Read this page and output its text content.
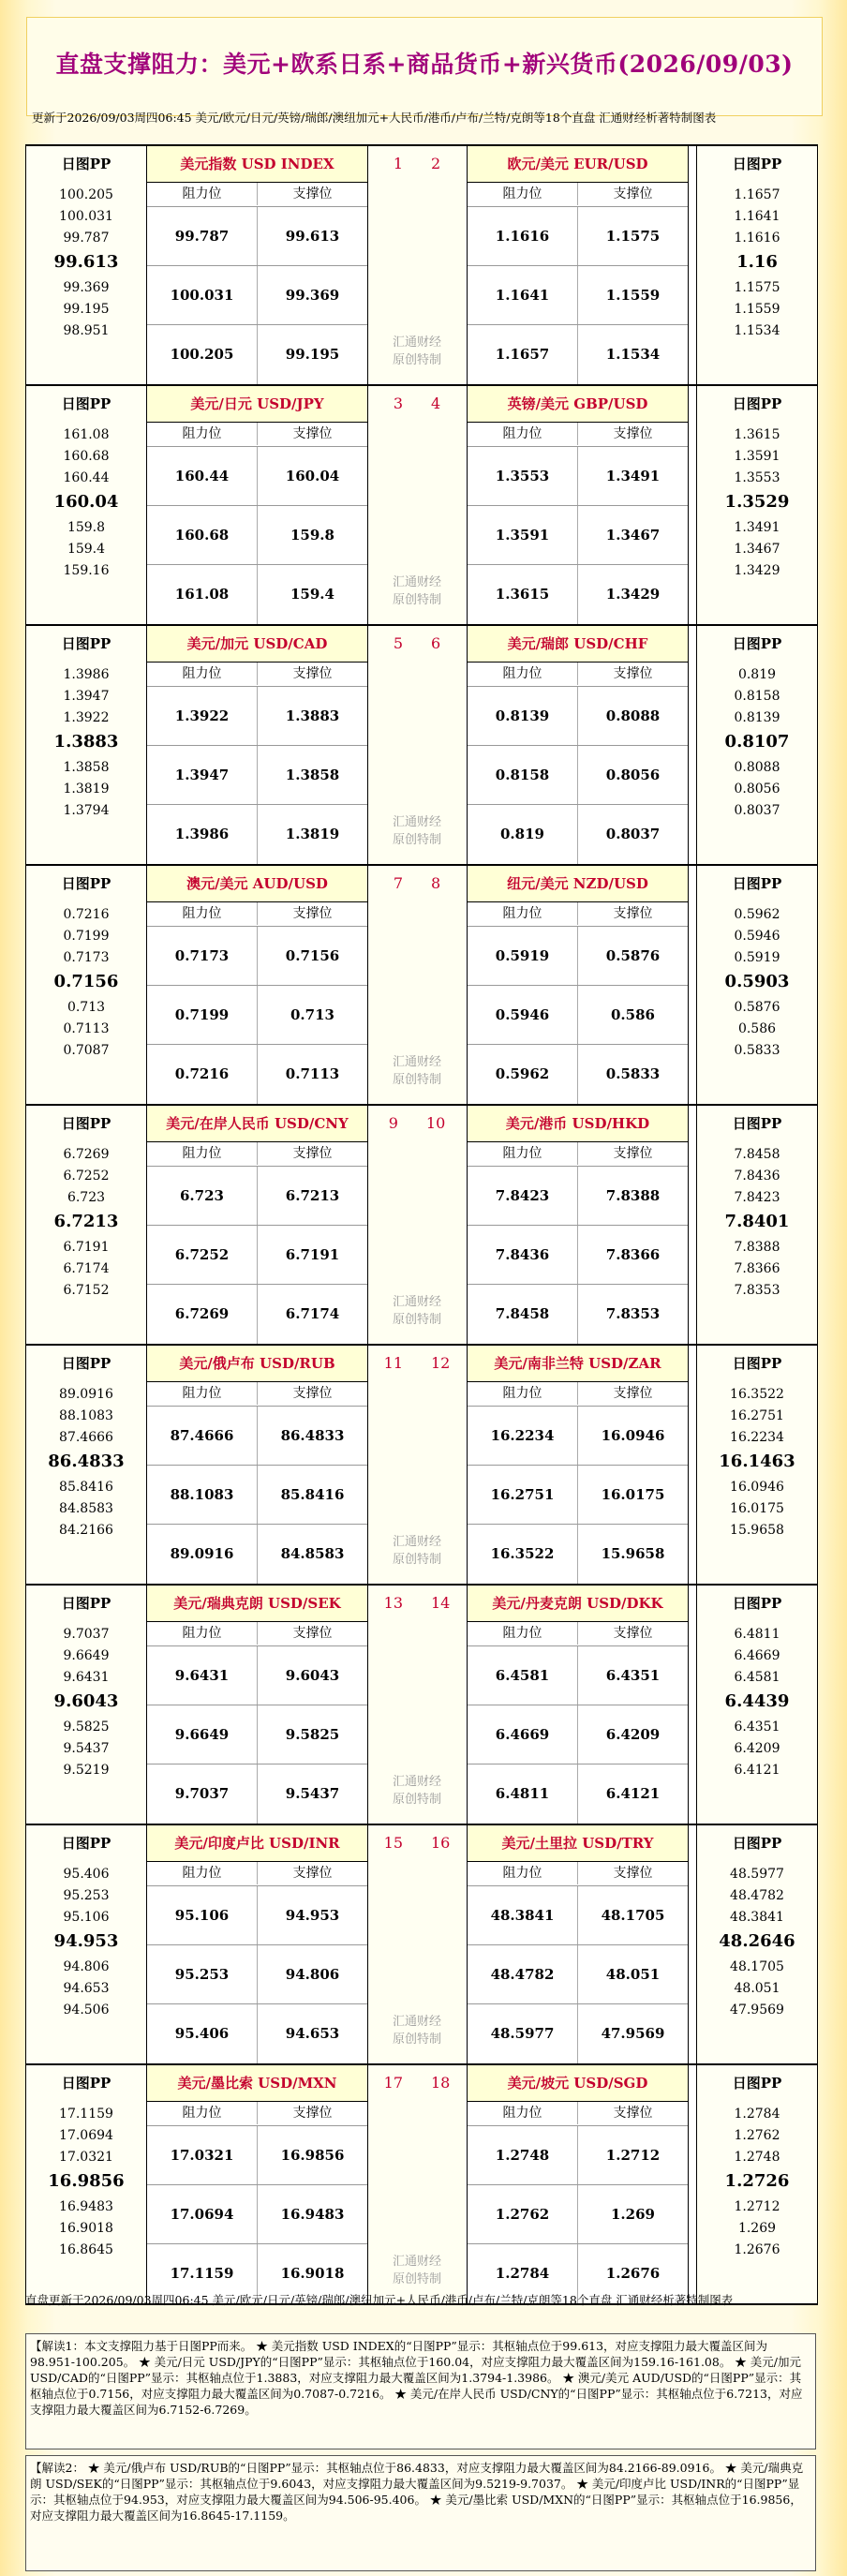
直盘支撑阻力：美元+欧系日系+商品货币+新兴货币(2026/09/03)
更新于2026/09/03周四06:45 美元/欧元/日元/英镑/瑞郎/澳纽加元+人民币/港币/卢布/兰特/克朗等18个直盘 汇通财经析著特制图表
日图PP
100.205
100.031
99.787
99.613
99.369
99.195
98.951
美元指数 USD INDEX
阻力位	支撑位
99.787	99.613
100.031	99.369
100.205	99.195
1 2
汇通财经
原创特制
欧元/美元 EUR/USD
阻力位	支撑位
1.1616	1.1575
1.1641	1.1559
1.1657	1.1534
日图PP
1.1657
1.1641
1.1616
1.16
1.1575
1.1559
1.1534
日图PP
161.08
160.68
160.44
160.04
159.8
159.4
159.16
美元/日元 USD/JPY
阻力位	支撑位
160.44	160.04
160.68	159.8
161.08	159.4
3 4
汇通财经
原创特制
英镑/美元 GBP/USD
阻力位	支撑位
1.3553	1.3491
1.3591	1.3467
1.3615	1.3429
日图PP
1.3615
1.3591
1.3553
1.3529
1.3491
1.3467
1.3429
日图PP
1.3986
1.3947
1.3922
1.3883
1.3858
1.3819
1.3794
美元/加元 USD/CAD
阻力位	支撑位
1.3922	1.3883
1.3947	1.3858
1.3986	1.3819
5 6
汇通财经
原创特制
美元/瑞郎 USD/CHF
阻力位	支撑位
0.8139	0.8088
0.8158	0.8056
0.819	0.8037
日图PP
0.819
0.8158
0.8139
0.8107
0.8088
0.8056
0.8037
日图PP
0.7216
0.7199
0.7173
0.7156
0.713
0.7113
0.7087
澳元/美元 AUD/USD
阻力位	支撑位
0.7173	0.7156
0.7199	0.713
0.7216	0.7113
7 8
汇通财经
原创特制
纽元/美元 NZD/USD
阻力位	支撑位
0.5919	0.5876
0.5946	0.586
0.5962	0.5833
日图PP
0.5962
0.5946
0.5919
0.5903
0.5876
0.586
0.5833
日图PP
6.7269
6.7252
6.723
6.7213
6.7191
6.7174
6.7152
美元/在岸人民币 USD/CNY
阻力位	支撑位
6.723	6.7213
6.7252	6.7191
6.7269	6.7174
9 10
汇通财经
原创特制
美元/港币 USD/HKD
阻力位	支撑位
7.8423	7.8388
7.8436	7.8366
7.8458	7.8353
日图PP
7.8458
7.8436
7.8423
7.8401
7.8388
7.8366
7.8353
日图PP
89.0916
88.1083
87.4666
86.4833
85.8416
84.8583
84.2166
美元/俄卢布 USD/RUB
阻力位	支撑位
87.4666	86.4833
88.1083	85.8416
89.0916	84.8583
11 12
汇通财经
原创特制
美元/南非兰特 USD/ZAR
阻力位	支撑位
16.2234	16.0946
16.2751	16.0175
16.3522	15.9658
日图PP
16.3522
16.2751
16.2234
16.1463
16.0946
16.0175
15.9658
日图PP
9.7037
9.6649
9.6431
9.6043
9.5825
9.5437
9.5219
美元/瑞典克朗 USD/SEK
阻力位	支撑位
9.6431	9.6043
9.6649	9.5825
9.7037	9.5437
13 14
汇通财经
原创特制
美元/丹麦克朗 USD/DKK
阻力位	支撑位
6.4581	6.4351
6.4669	6.4209
6.4811	6.4121
日图PP
6.4811
6.4669
6.4581
6.4439
6.4351
6.4209
6.4121
日图PP
95.406
95.253
95.106
94.953
94.806
94.653
94.506
美元/印度卢比 USD/INR
阻力位	支撑位
95.106	94.953
95.253	94.806
95.406	94.653
15 16
汇通财经
原创特制
美元/土里拉 USD/TRY
阻力位	支撑位
48.3841	48.1705
48.4782	48.051
48.5977	47.9569
日图PP
48.5977
48.4782
48.3841
48.2646
48.1705
48.051
47.9569
日图PP
17.1159
17.0694
17.0321
16.9856
16.9483
16.9018
16.8645
美元/墨比索 USD/MXN
阻力位	支撑位
17.0321	16.9856
17.0694	16.9483
17.1159	16.9018
17 18
汇通财经
原创特制
美元/坡元 USD/SGD
阻力位	支撑位
1.2748	1.2712
1.2762	1.269
1.2784	1.2676
日图PP
1.2784
1.2762
1.2748
1.2726
1.2712
1.269
1.2676
直盘更新于2026/09/03周四06:45 美元/欧元/日元/英镑/瑞郎/澳纽加元+人民币/港币/卢布/兰特/克朗等18个直盘 汇通财经析著特制图表
【解读1：本文支撑阻力基于日图PP而来。 ★ 美元指数 USD INDEX的“日图PP”显示：其枢轴点位于99.613，对应支撑阻力最大覆盖区间为98.951-100.205。 ★ 美元/日元 USD/JPY的“日图PP”显示：其枢轴点位于160.04，对应支撑阻力最大覆盖区间为159.16-161.08。 ★ 美元/加元 USD/CAD的“日图PP”显示：其枢轴点位于1.3883，对应支撑阻力最大覆盖区间为1.3794-1.3986。 ★ 澳元/美元 AUD/USD的“日图PP”显示：其枢轴点位于0.7156，对应支撑阻力最大覆盖区间为0.7087-0.7216。 ★ 美元/在岸人民币 USD/CNY的“日图PP”显示：其枢轴点位于6.7213，对应支撑阻力最大覆盖区间为6.7152-6.7269。
【解读2： ★ 美元/俄卢布 USD/RUB的“日图PP”显示：其枢轴点位于86.4833，对应支撑阻力最大覆盖区间为84.2166-89.0916。 ★ 美元/瑞典克朗 USD/SEK的“日图PP”显示：其枢轴点位于9.6043，对应支撑阻力最大覆盖区间为9.5219-9.7037。 ★ 美元/印度卢比 USD/INR的“日图PP”显示：其枢轴点位于94.953，对应支撑阻力最大覆盖区间为94.506-95.406。 ★ 美元/墨比索 USD/MXN的“日图PP”显示：其枢轴点位于16.9856，对应支撑阻力最大覆盖区间为16.8645-17.1159。
